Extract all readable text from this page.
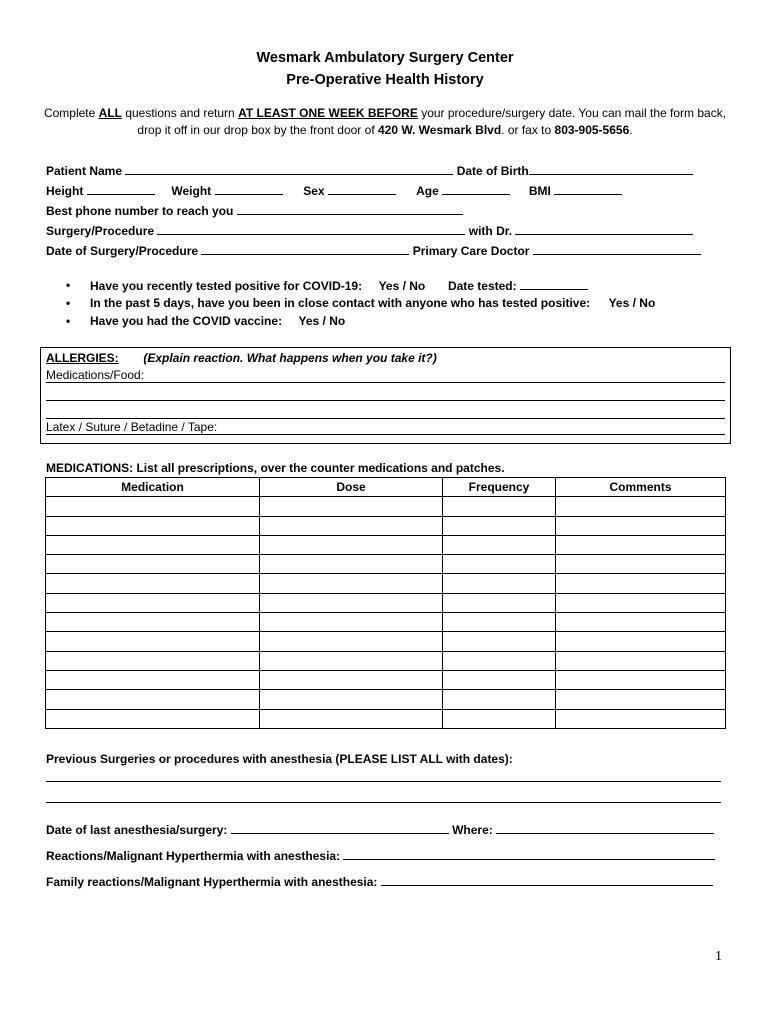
Wesmark Ambulatory Surgery Center
Pre-Operative Health History
Complete ALL questions and return AT LEAST ONE WEEK BEFORE your procedure/surgery date. You can mail the form back, drop it off in our drop box by the front door of 420 W. Wesmark Blvd. or fax to 803-905-5656.
Patient Name	Date of Birth
Height	Weight	Sex	Age	BMI
Best phone number to reach you
Surgery/Procedure	with Dr.
Date of Surgery/Procedure	Primary Care Doctor
• Have you recently tested positive for COVID-19: Yes / No Date tested:
• In the past 5 days, have you been in close contact with anyone who has tested positive: Yes / No
• Have you had the COVID vaccine: Yes / No
ALLERGIES: (Explain reaction. What happens when you take it?)
Medications/Food:
Latex / Suture / Betadine / Tape:
MEDICATIONS: List all prescriptions, over the counter medications and patches.
Medication	Dose	Frequency	Comments

Previous Surgeries or procedures with anesthesia (PLEASE LIST ALL with dates):
Date of last anesthesia/surgery:	Where:
Reactions/Malignant Hyperthermia with anesthesia:
Family reactions/Malignant Hyperthermia with anesthesia:
1
